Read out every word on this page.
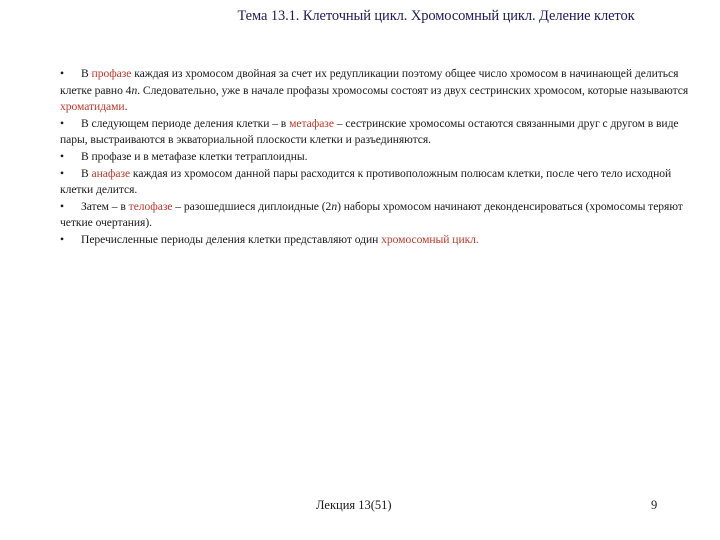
Тема 13.1. Клеточный цикл. Хромосомный цикл. Деление клеток

• В профазе каждая из хромосом двойная за счет их редупликации поэтому общее число хромосом в начинающей делиться клетке равно 4n. Следовательно, уже в начале профазы хромосомы состоят из двух сестринских хромосом, которые называются хроматидами.

• В следующем периоде деления клетки – в метафазе – сестринские хромосомы остаются связанными друг с другом в виде пары, выстраиваются в экваториальной плоскости клетки и разъединяются.

• В профазе и в метафазе клетки тетраплоидны.

• В анафазе каждая из хромосом данной пары расходится к противоположным полюсам клетки, после чего тело исходной клетки делится.

• Затем – в телофазе – разошедшиеся диплоидные (2n) наборы хромосом начинают деконденсироваться (хромосомы теряют четкие очертания).

• Перечисленные периоды деления клетки представляют один хромосомный цикл.

Лекция 13(51)	9
